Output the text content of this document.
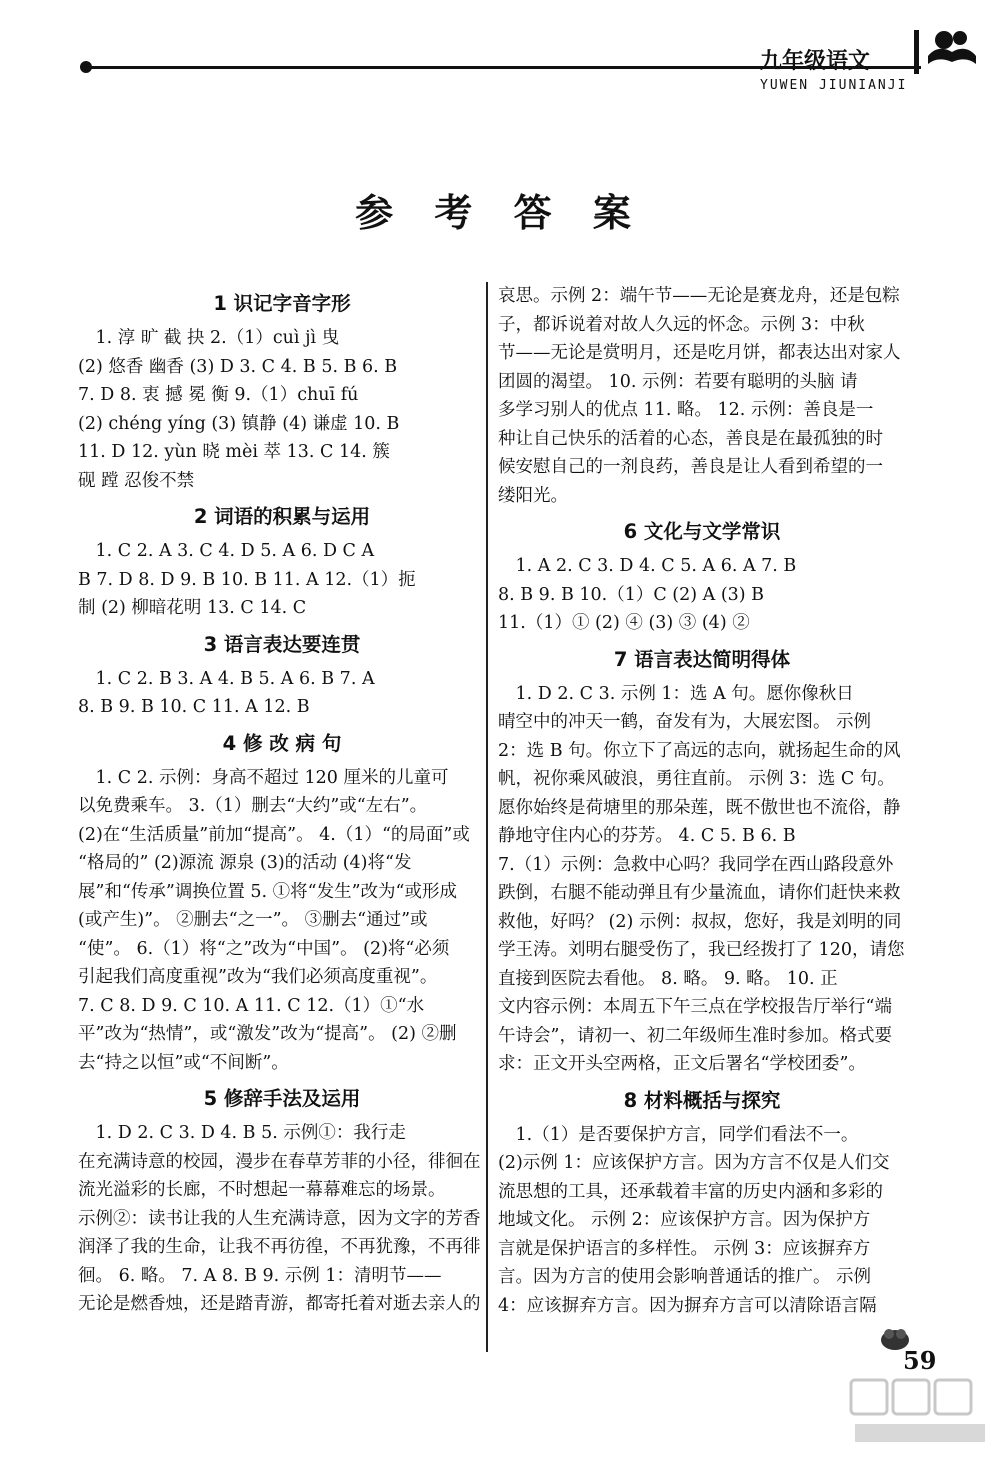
九年级语文
YUWEN JIUNIANJI
参 考 答 案
1 识记字音字形
　1. 淳 旷 截 抉 2.（1）cuì jì 曳
(2) 悠香 幽香 (3) D 3. C 4. B 5. B 6. B
7. D 8. 衷 撼 冕 衡 9.（1）chuī fú
(2) chéng yíng (3) 镇静 (4) 谦虚 10. B
11. D 12. yùn 晓 mèi 萃 13. C 14. 簇
砚 蹚 忍俊不禁
2 词语的积累与运用
　1. C 2. A 3. C 4. D 5. A 6. D C A
B 7. D 8. D 9. B 10. B 11. A 12.（1）扼
制 (2) 柳暗花明 13. C 14. C
3 语言表达要连贯
　1. C 2. B 3. A 4. B 5. A 6. B 7. A
8. B 9. B 10. C 11. A 12. B
4 修 改 病 句
　1. C 2. 示例：身高不超过 120 厘米的儿童可
以免费乘车。 3.（1）删去“大约”或“左右”。
(2)在“生活质量”前加“提高”。 4.（1）“的局面”或
“格局的” (2)源流 源泉 (3)的活动 (4)将“发
展”和“传承”调换位置 5. ①将“发生”改为“或形成
(或产生)”。 ②删去“之一”。 ③删去“通过”或
“使”。 6.（1）将“之”改为“中国”。 (2)将“必须
引起我们高度重视”改为“我们必须高度重视”。
7. C 8. D 9. C 10. A 11. C 12.（1）①“水
平”改为“热情”，或“激发”改为“提高”。 (2) ②删
去“持之以恒”或“不间断”。
5 修辞手法及运用
　1. D 2. C 3. D 4. B 5. 示例①：我行走
在充满诗意的校园，漫步在春草芳菲的小径，徘徊在
流光溢彩的长廊，不时想起一幕幕难忘的场景。
示例②：读书让我的人生充满诗意，因为文字的芳香
润泽了我的生命，让我不再彷徨，不再犹豫，不再徘
徊。 6. 略。 7. A 8. B 9. 示例 1：清明节——
无论是燃香烛，还是踏青游，都寄托着对逝去亲人的
哀思。示例 2：端午节——无论是赛龙舟，还是包粽
子，都诉说着对故人久远的怀念。示例 3：中秋
节——无论是赏明月，还是吃月饼，都表达出对家人
团圆的渴望。 10. 示例：若要有聪明的头脑 请
多学习别人的优点 11. 略。 12. 示例：善良是一
种让自己快乐的活着的心态，善良是在最孤独的时
候安慰自己的一剂良药，善良是让人看到希望的一
缕阳光。
6 文化与文学常识
　1. A 2. C 3. D 4. C 5. A 6. A 7. B
8. B 9. B 10.（1）C (2) A (3) B
11.（1）① (2) ④ (3) ③ (4) ②
7 语言表达简明得体
　1. D 2. C 3. 示例 1：选 A 句。愿你像秋日
晴空中的冲天一鹤，奋发有为，大展宏图。 示例
2：选 B 句。你立下了高远的志向，就扬起生命的风
帆，祝你乘风破浪，勇往直前。 示例 3：选 C 句。
愿你始终是荷塘里的那朵莲，既不傲世也不流俗，静
静地守住内心的芬芳。 4. C 5. B 6. B
7.（1）示例：急救中心吗？我同学在西山路段意外
跌倒，右腿不能动弹且有少量流血，请你们赶快来救
救他，好吗？ (2) 示例：叔叔，您好，我是刘明的同
学王涛。刘明右腿受伤了，我已经拨打了 120，请您
直接到医院去看他。 8. 略。 9. 略。 10. 正
文内容示例：本周五下午三点在学校报告厅举行“端
午诗会”，请初一、初二年级师生准时参加。格式要
求：正文开头空两格，正文后署名“学校团委”。
8 材料概括与探究
　1.（1）是否要保护方言，同学们看法不一。
(2)示例 1：应该保护方言。因为方言不仅是人们交
流思想的工具，还承载着丰富的历史内涵和多彩的
地域文化。 示例 2：应该保护方言。因为保护方
言就是保护语言的多样性。 示例 3：应该摒弃方
言。因为方言的使用会影响普通话的推广。 示例
4：应该摒弃方言。因为摒弃方言可以清除语言隔
59
